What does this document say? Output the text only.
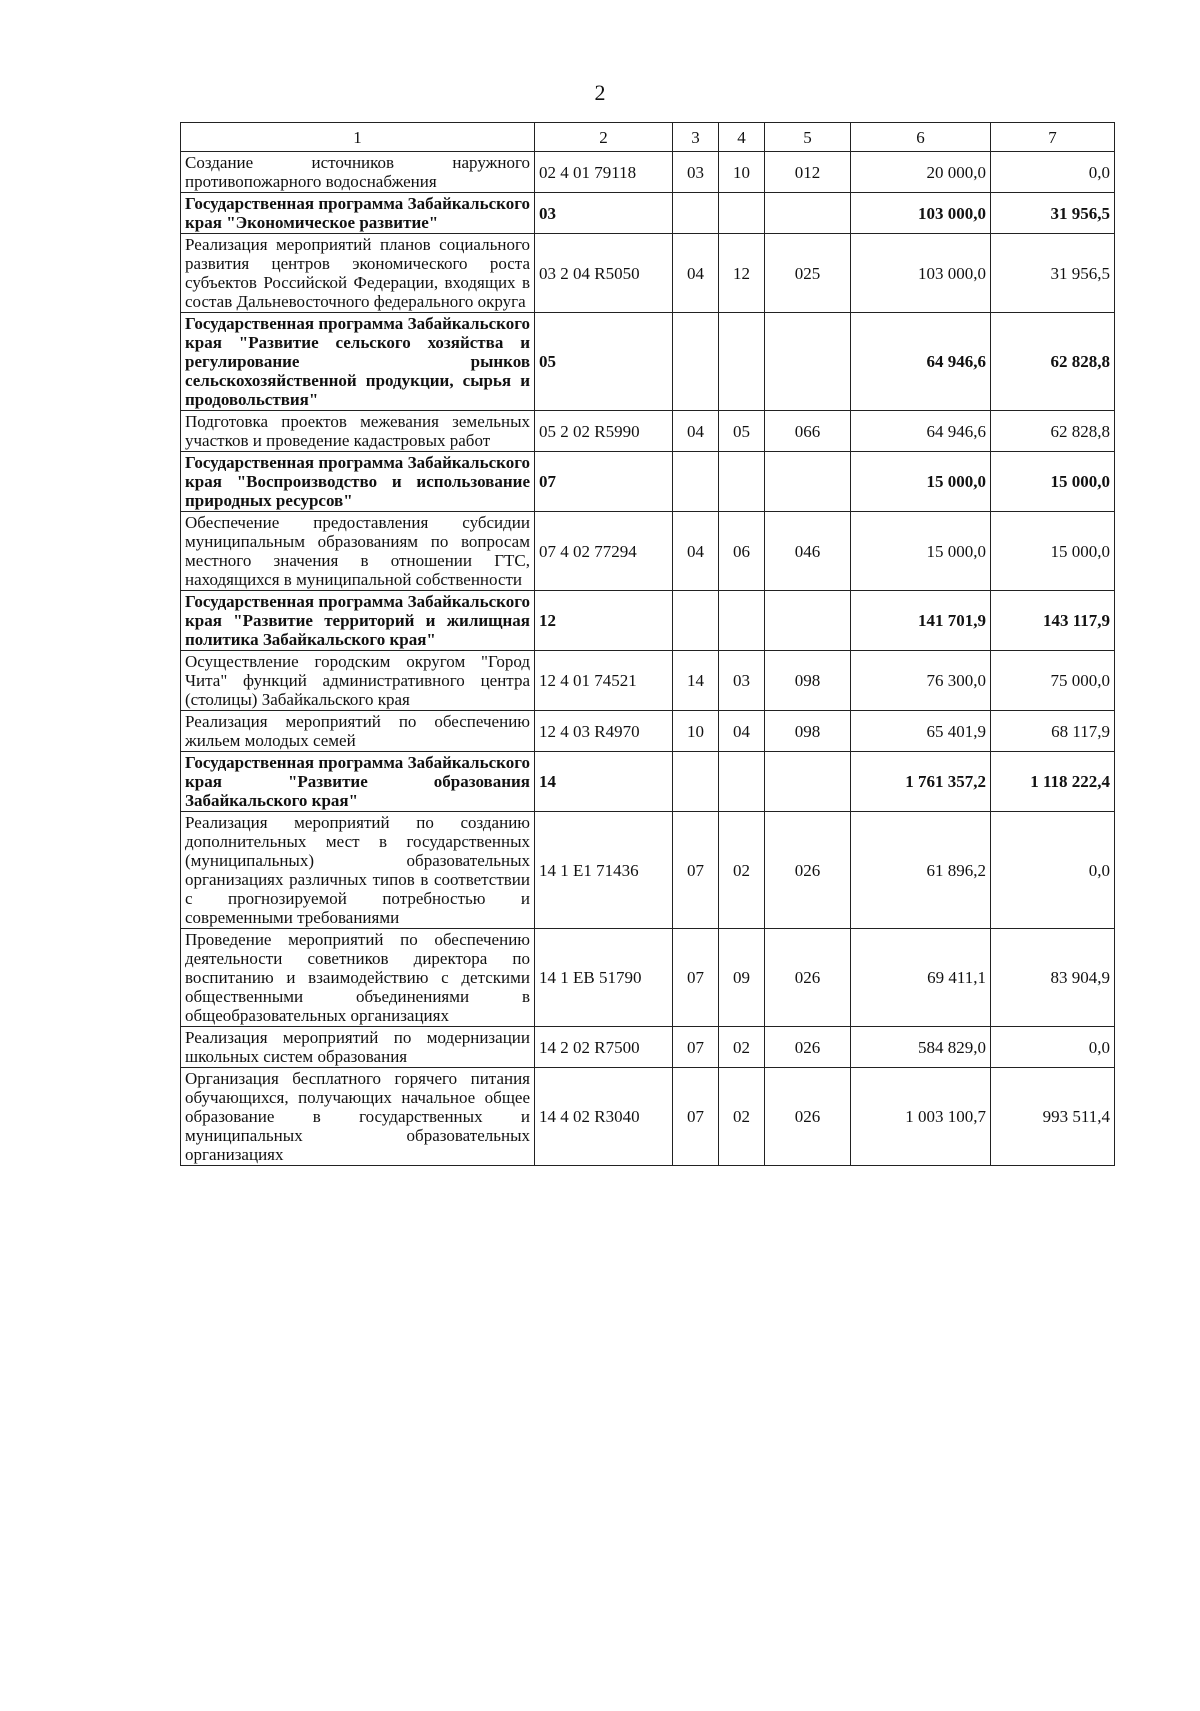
2
1	2	3	4	5	6	7
Создание источников наружного противопожарного водоснабжения	02 4 01 79118	03	10	012	20 000,0	0,0
Государственная программа Забайкальского края "Экономическое развитие"	03				103 000,0	31 956,5
Реализация мероприятий планов социального развития центров экономического роста субъектов Российской Федерации, входящих в состав Дальневосточного федерального округа	03 2 04 R5050	04	12	025	103 000,0	31 956,5
Государственная программа Забайкальского края "Развитие сельского хозяйства и регулирование рынков сельскохозяйственной продукции, сырья и продовольствия"	05				64 946,6	62 828,8
Подготовка проектов межевания земельных участков и проведение кадастровых работ	05 2 02 R5990	04	05	066	64 946,6	62 828,8
Государственная программа Забайкальского края "Воспроизводство и использование природных ресурсов"	07				15 000,0	15 000,0
Обеспечение предоставления субсидии муниципальным образованиям по вопросам местного значения в отношении ГТС, находящихся в муниципальной собственности	07 4 02 77294	04	06	046	15 000,0	15 000,0
Государственная программа Забайкальского края "Развитие территорий и жилищная политика Забайкальского края"	12				141 701,9	143 117,9
Осуществление городским округом "Город Чита" функций административного центра (столицы) Забайкальского края	12 4 01 74521	14	03	098	76 300,0	75 000,0
Реализация мероприятий по обеспечению жильем молодых семей	12 4 03 R4970	10	04	098	65 401,9	68 117,9
Государственная программа Забайкальского края "Развитие образования Забайкальского края"	14				1 761 357,2	1 118 222,4
Реализация мероприятий по созданию дополнительных мест в государственных (муниципальных) образовательных организациях различных типов в соответствии с прогнозируемой потребностью и современными требованиями	14 1 E1 71436	07	02	026	61 896,2	0,0
Проведение мероприятий по обеспечению деятельности советников директора по воспитанию и взаимодействию с детскими общественными объединениями в общеобразовательных организациях	14 1 EB 51790	07	09	026	69 411,1	83 904,9
Реализация мероприятий по модернизации школьных систем образования	14 2 02 R7500	07	02	026	584 829,0	0,0
Организация бесплатного горячего питания обучающихся, получающих начальное общее образование в государственных и муниципальных образовательных организациях	14 4 02 R3040	07	02	026	1 003 100,7	993 511,4
